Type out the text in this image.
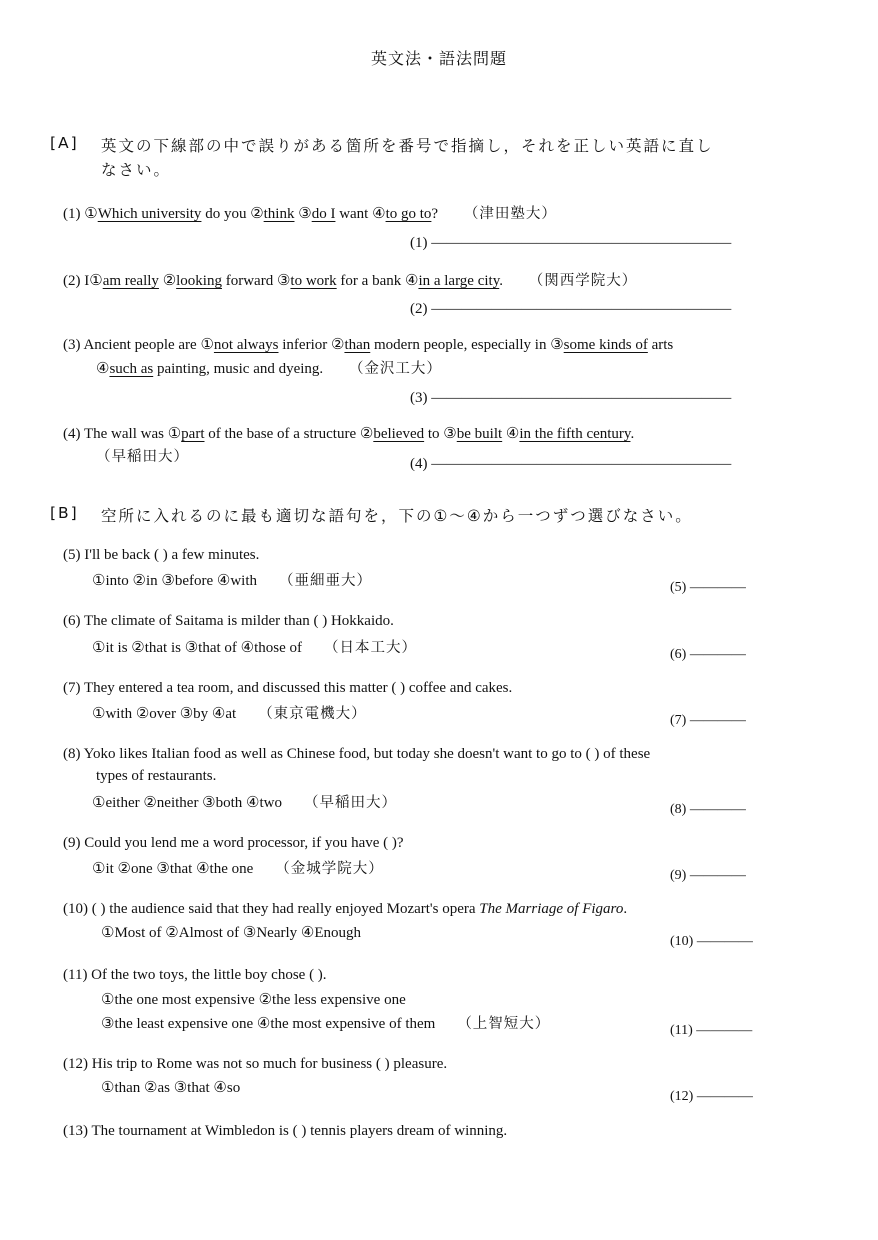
英文法・語法問題
[A] 英文の下線部の中で誤りがある箇所を番号で指摘し，それを正しい英語に直し
なさい。
(1) ①Which university do you ②think ③do I want ④to go to? （津田塾大）
(1) ————————————————————
(2) I①am really ②looking forward ③to work for a bank ④in a large city. （関西学院大）
(2) ————————————————————
(3) Ancient people are ①not always inferior ②than modern people, especially in ③some kinds of arts
④such as painting, music and dyeing. （金沢工大）
(3) ————————————————————
(4) The wall was ①part of the base of a structure ②believed to ③be built ④in the fifth century.
（早稲田大）	(4) ————————————————————
[B] 空所に入れるのに最も適切な語句を，下の①～④から一つずつ選びなさい。
(5) I'll be back ( ) a few minutes.
①into ②in ③before ④with （亜細亜大）	(5) ————
(6) The climate of Saitama is milder than ( ) Hokkaido.
①it is ②that is ③that of ④those of （日本工大）	(6) ————
(7) They entered a tea room, and discussed this matter ( ) coffee and cakes.
①with ②over ③by ④at （東京電機大）	(7) ————
(8) Yoko likes Italian food as well as Chinese food, but today she doesn't want to go to ( ) of these
types of restaurants.
①either ②neither ③both ④two （早稲田大）	(8) ————
(9) Could you lend me a word processor, if you have ( )?
①it ②one ③that ④the one （金城学院大）	(9) ————
(10) ( ) the audience said that they had really enjoyed Mozart's opera The Marriage of Figaro.
①Most of ②Almost of ③Nearly ④Enough
(10) ————
(11) Of the two toys, the little boy chose ( ).
①the one most expensive ②the less expensive one
③the least expensive one ④the most expensive of them （上智短大）	(11) ————
(12) His trip to Rome was not so much for business ( ) pleasure.
①than ②as ③that ④so
(12) ————
(13) The tournament at Wimbledon is ( ) tennis players dream of winning.
